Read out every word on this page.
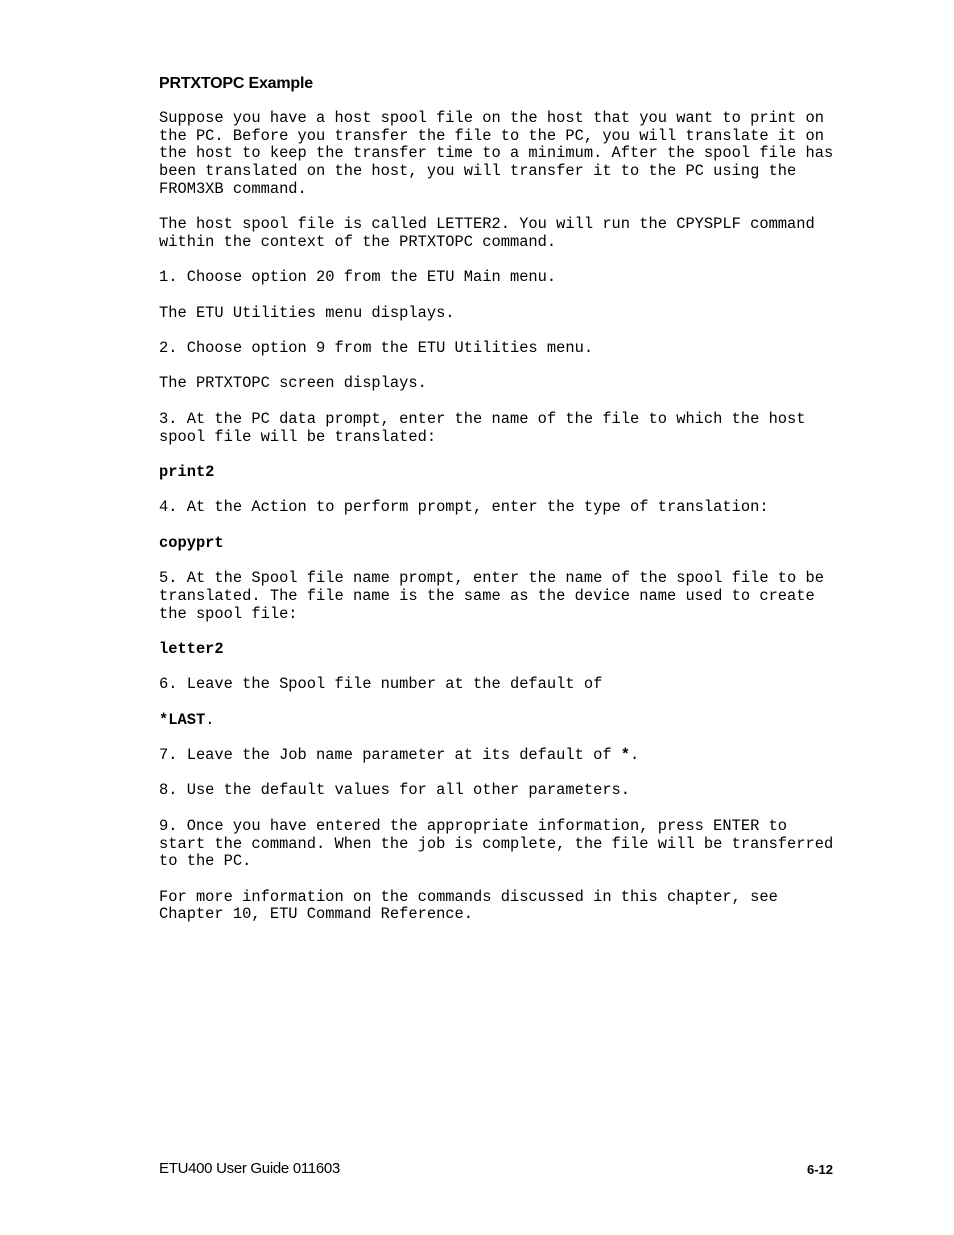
PRTXTOPC Example
Suppose you have a host spool file on the host that you want to print on
the PC. Before you transfer the file to the PC, you will translate it on
the host to keep the transfer time to a minimum. After the spool file has
been translated on the host, you will transfer it to the PC using the
FROM3XB command.
The host spool file is called LETTER2. You will run the CPYSPLF command
within the context of the PRTXTOPC command.
1. Choose option 20 from the ETU Main menu.
The ETU Utilities menu displays.
2. Choose option 9 from the ETU Utilities menu.
The PRTXTOPC screen displays.
3. At the PC data prompt, enter the name of the file to which the host
spool file will be translated:
print2
4. At the Action to perform prompt, enter the type of translation:
copyprt
5. At the Spool file name prompt, enter the name of the spool file to be
translated. The file name is the same as the device name used to create
the spool file:
letter2
6. Leave the Spool file number at the default of
*LAST.
7. Leave the Job name parameter at its default of *.
8. Use the default values for all other parameters.
9. Once you have entered the appropriate information, press ENTER to
start the command. When the job is complete, the file will be transferred
to the PC.
For more information on the commands discussed in this chapter, see
Chapter 10, ETU Command Reference.
ETU400 User Guide 011603	6-12
